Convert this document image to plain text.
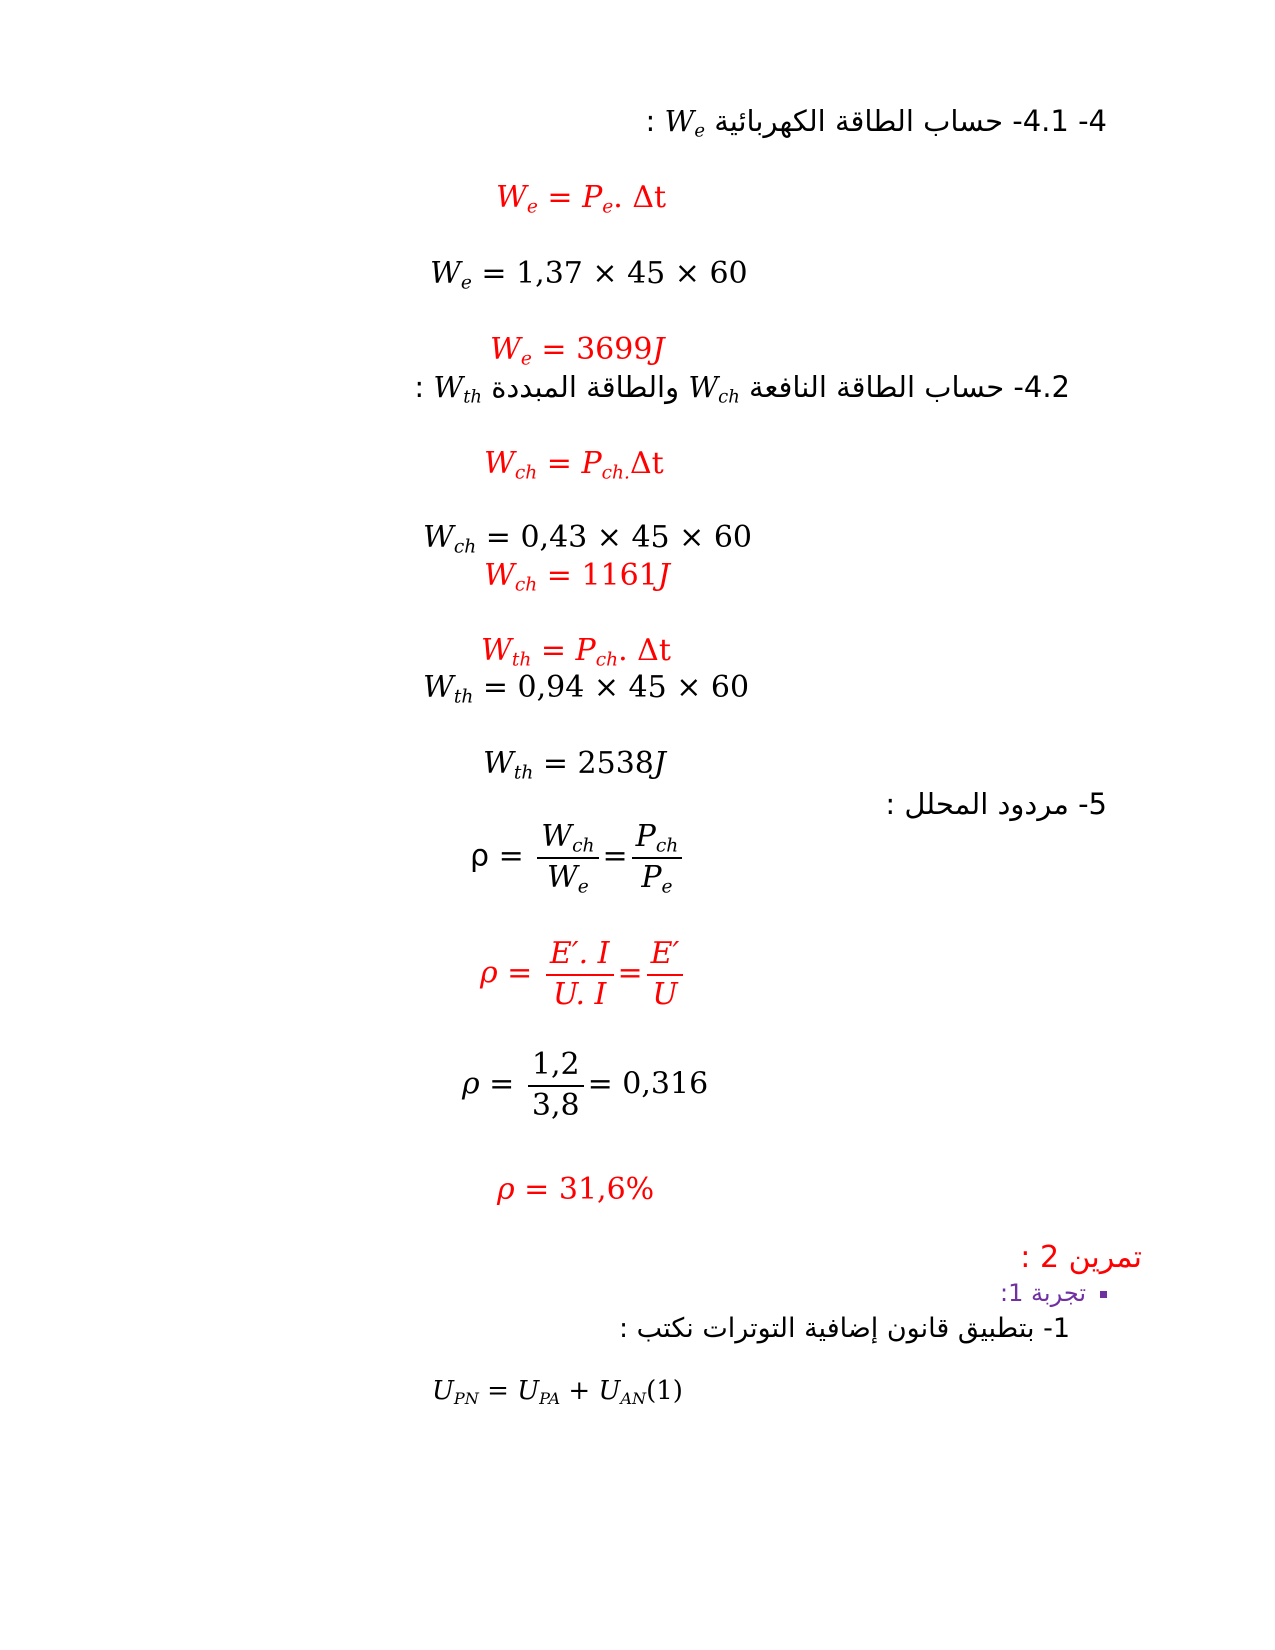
4- 4.1- حساب الطاقة الكهربائية $W_e$ :
$W_e = P_e$. Δt
$W_e = 1,37 \times 45 \times 60$
$W_e = 3699J$
4.2- حساب الطاقة النافعة $W_{ch}$ والطاقة المبددة $W_{th}$ :
$W_{ch} = P_{ch.}\Delta t$
$W_{ch} = 0,43 \times 45 \times 60$
$W_{ch} = 1161J$
$W_{th} = P_{ch}$. Δt
$W_{th} = 0,94 \times 45 \times 60$
$W_{th} = 2538J$
5- مردود المحلل :
$\rho = \frac{W_{ch}}{W_e} = \frac{P_{ch}}{P_e}$
$\rho = \frac{E'. I}{U. I} = \frac{E'}{U}$
$\rho = \frac{1,2}{3,8} = 0,316$
ρ = 31,6%
تمرين 2 :
تجربة 1:
1- بتطبيق قانون إضافية التوترات نكتب :
$U_{PN} = U_{PA} + U_{AN}(1)$
